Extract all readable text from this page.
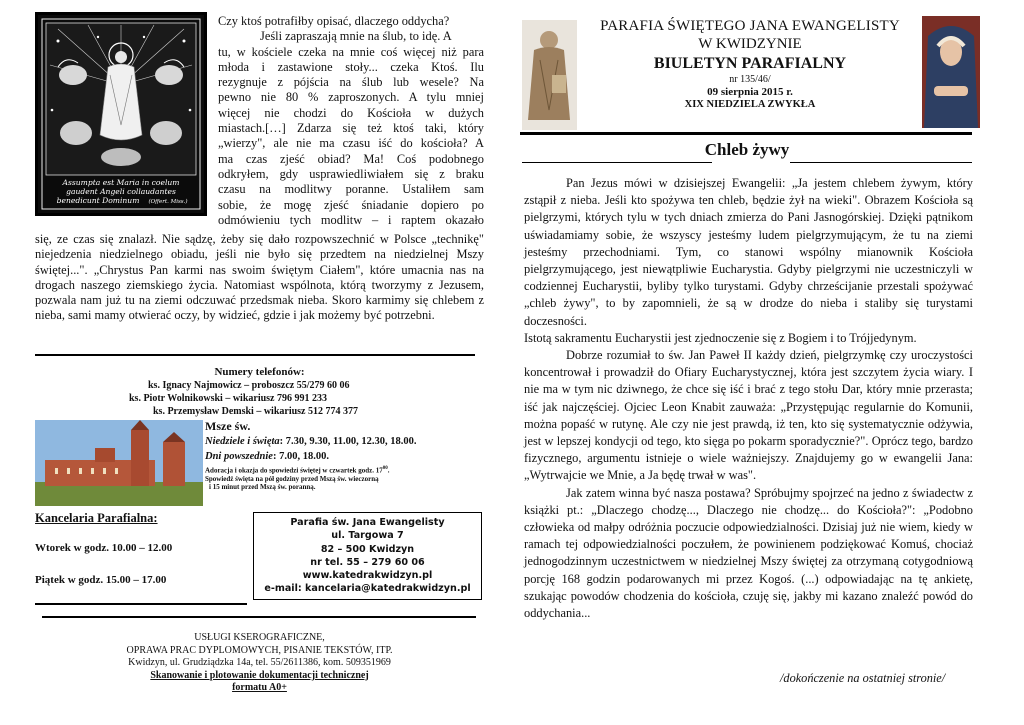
Assumpta est Maria in coelum
gaudent Angeli collaudantes
benedicunt Dominum (Offert. Miss.)
Czy ktoś potrafiłby opisać, dlaczego oddycha?
Jeśli zapraszają mnie na ślub, to idę. A
tu, w kościele czeka na mnie coś więcej niż para
młoda i zastawione stoły... czeka Ktoś. Ilu
rezygnuje z pójścia na ślub lub wesele? Na
pewno nie 80 % zaproszonych. A tylu mniej
więcej nie chodzi do Kościoła w dużych
miastach.[…] Zdarza się też ktoś taki, który
„wierzy", ale nie ma czasu iść do kościoła? A
ma czas zjeść obiad? Ma! Coś podobnego
odkryłem, gdy usprawiedliwiałem się z braku
czasu na modlitwy poranne. Ustaliłem sam
sobie, że mogę zjeść śniadanie dopiero po
odmówieniu tych modlitw – i raptem okazało
się, ze czas się znalazł. Nie sądzę, żeby się dało rozpowszechnić w Polsce „technikę" niejedzenia niedzielnego obiadu, jeśli nie było się przedtem na niedzielnej Mszy świętej...". „Chrystus Pan karmi nas swoim świętym Ciałem", które umacnia nas na drogach naszego ziemskiego życia. Natomiast wspólnota, którą tworzymy z Jezusem, pozwala nam już tu na ziemi odczuwać przedsmak nieba. Skoro karmimy się chlebem z nieba, sami mamy otwierać oczy, by widzieć, gdzie i jak możemy być potrzebni.
Numery telefonów:
ks. Ignacy Najmowicz – proboszcz 55/279 60 06
ks. Piotr Wolnikowski – wikariusz 796 991 233
ks. Przemysław Demski – wikariusz 512 774 377
Msze św.
Niedziele i święta: 7.30, 9.30, 11.00, 12.30, 18.00.
Dni powszednie: 7.00, 18.00.
Adoracja i okazja do spowiedzi świętej w czwartek godz. $17^{00}$.
Spowiedź święta na pół godziny przed Mszą św. wieczorną
i 15 minut przed Mszą św. poranną.
Kancelaria Parafialna:
Wtorek w godz. 10.00 – 12.00
Piątek w godz. 15.00 – 17.00
Parafia św. Jana Ewangelisty
ul. Targowa 7
82 – 500 Kwidzyn
nr tel. 55 – 279 60 06
www.katedrakwidzyn.pl
e-mail: kancelaria@katedrakwidzyn.pl
USŁUGI KSEROGRAFICZNE,
OPRAWA PRAC DYPLOMOWYCH, PISANIE TEKSTÓW, ITP.
Kwidzyn, ul. Grudziądzka 14a, tel. 55/2611386, kom. 509351969
Skanowanie i plotowanie dokumentacji technicznej
formatu A0+
PARAFIA ŚWIĘTEGO JANA EWANGELISTY
W KWIDZYNIE
BIULETYN PARAFIALNY
nr 135/46/
09 sierpnia 2015 r.
XIX NIEDZIELA ZWYKŁA
Chleb żywy

Pan Jezus mówi w dzisiejszej Ewangelii: „Ja jestem chlebem żywym, który zstąpił z nieba. Jeśli kto spożywa ten chleb, będzie żył na wieki". Obrazem Kościoła są pielgrzymi, których tylu w tych dniach zmierza do Pani Jasnogórskiej. Dzięki pątnikom uświadamiamy sobie, że wszyscy jesteśmy ludem pielgrzymującym, że tu na ziemi jesteśmy przechodniami. Tym, co stanowi wspólny mianownik Kościoła pielgrzymującego, jest niewątpliwie Eucharystia. Gdyby pielgrzymi nie uczestniczyli w codziennej Eucharystii, byliby tylko turystami. Gdyby chrześcijanie przestali spożywać „chleb żywy", to by zapomnieli, że są w drodze do nieba i staliby się turystami doczesności.

Istotą sakramentu Eucharystii jest zjednoczenie się z Bogiem i to Trójjedynym.

Dobrze rozumiał to św. Jan Paweł II każdy dzień, pielgrzymkę czy uroczystości koncentrował i prowadził do Ofiary Eucharystycznej, która jest szczytem życia wiary. I nie ma w tym nic dziwnego, że chce się iść i brać z tego stołu Dar, który mnie przerasta; iść jak najczęściej. Ojciec Leon Knabit zauważa: „Przystępując regularnie do Komunii, można popaść w rutynę. Ale czy nie jest prawdą, iż ten, kto się systematycznie odżywia, jest w lepszej kondycji od tego, kto sięga po pokarm sporadycznie?". Oprócz tego, bardzo fizycznego, argumentu istnieje o wiele ważniejszy. Znajdujemy go w ewangelii Jana: „Wytrwajcie we Mnie, a Ja będę trwał w was".

Jak zatem winna być nasza postawa? Spróbujmy spojrzeć na jedno z świadectw z książki pt.: „Dlaczego chodzę..., Dlaczego nie chodzę... do Kościoła?": „Podobno człowieka od małpy odróżnia poczucie odpowiedzialności. Dzisiaj już nie wiem, kiedy w ramach tej odpowiedzialności poczułem, że powinienem podziękować Komuś, chociaż jednogodzinnym uczestnictwem w niedzielnej Mszy świętej za otrzymaną cotygodniową porcję 168 godzin podarowanych mi przez Kogoś. (...) odpowiadając na tę ankietę, szukając powodów chodzenia do kościoła, czuję się, jakby mi kazano znaleźć powód do oddychania...

/dokończenie na ostatniej stronie/
